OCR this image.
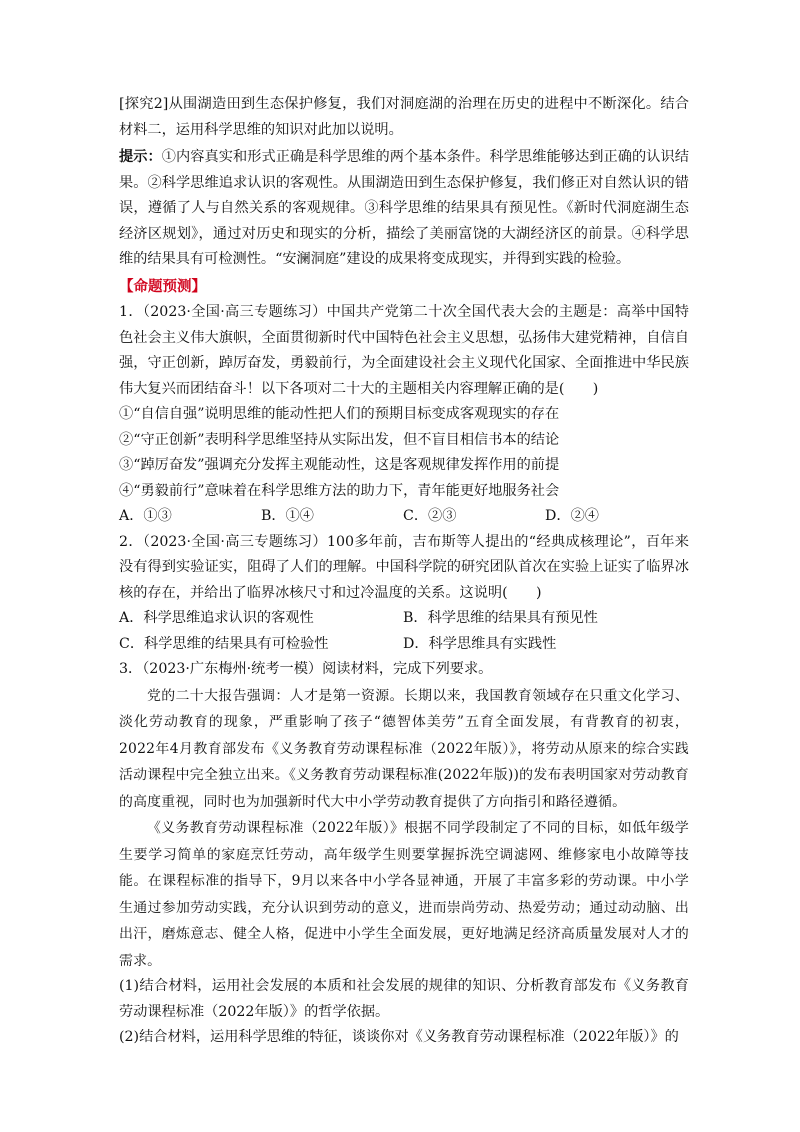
[探究2]从围湖造田到生态保护修复，我们对洞庭湖的治理在历史的进程中不断深化。结合材料二，运用科学思维的知识对此加以说明。

提示：①内容真实和形式正确是科学思维的两个基本条件。科学思维能够达到正确的认识结果。②科学思维追求认识的客观性。从围湖造田到生态保护修复，我们修正对自然认识的错误，遵循了人与自然关系的客观规律。③科学思维的结果具有预见性。《新时代洞庭湖生态经济区规划》，通过对历史和现实的分析，描绘了美丽富饶的大湖经济区的前景。④科学思维的结果具有可检测性。“安澜洞庭”建设的成果将变成现实，并得到实践的检验。

【命题预测】

1．（2023·全国·高三专题练习）中国共产党第二十次全国代表大会的主题是：高举中国特色社会主义伟大旗帜，全面贯彻新时代中国特色社会主义思想，弘扬伟大建党精神，自信自强，守正创新，踔厉奋发，勇毅前行，为全面建设社会主义现代化国家、全面推进中华民族伟大复兴而团结奋斗！以下各项对二十大的主题相关内容理解正确的是(　　)

①“自信自强”说明思维的能动性把人们的预期目标变成客观现实的存在

②“守正创新”表明科学思维坚持从实际出发，但不盲目相信书本的结论

③“踔厉奋发”强调充分发挥主观能动性，这是客观规律发挥作用的前提

④“勇毅前行”意味着在科学思维方法的助力下，青年能更好地服务社会

A．①③	B．①④	C．②③	D．②④

2．（2023·全国·高三专题练习）100多年前，吉布斯等人提出的“经典成核理论”，百年来没有得到实验证实，阻碍了人们的理解。中国科学院的研究团队首次在实验上证实了临界冰核的存在，并给出了临界冰核尺寸和过冷温度的关系。这说明(　　)

A．科学思维追求认识的客观性	B．科学思维的结果具有预见性
C．科学思维的结果具有可检验性	D．科学思维具有实践性

3．（2023·广东梅州·统考一模）阅读材料，完成下列要求。

党的二十大报告强调：人才是第一资源。长期以来，我国教育领域存在只重文化学习、淡化劳动教育的现象，严重影响了孩子“德智体美劳”五育全面发展，有背教育的初衷，2022年4月教育部发布《义务教育劳动课程标准（2022年版）》，将劳动从原来的综合实践活动课程中完全独立出来。《义务教育劳动课程标准(2022年版))的发布表明国家对劳动教育的高度重视，同时也为加强新时代大中小学劳动教育提供了方向指引和路径遵循。

《义务教育劳动课程标准（2022年版）》根据不同学段制定了不同的目标，如低年级学生要学习简单的家庭烹饪劳动，高年级学生则要掌握拆洗空调滤网、维修家电小故障等技能。在课程标准的指导下，9月以来各中小学各显神通，开展了丰富多彩的劳动课。中小学生通过参加劳动实践，充分认识到劳动的意义，进而崇尚劳动、热爱劳动；通过动动脑、出出汗，磨炼意志、健全人格，促进中小学生全面发展，更好地满足经济高质量发展对人才的需求。

(1)结合材料，运用社会发展的本质和社会发展的规律的知识、分析教育部发布《义务教育劳动课程标准（2022年版）》的哲学依据。

(2)结合材料，运用科学思维的特征，谈谈你对《义务教育劳动课程标准（2022年版）》的
